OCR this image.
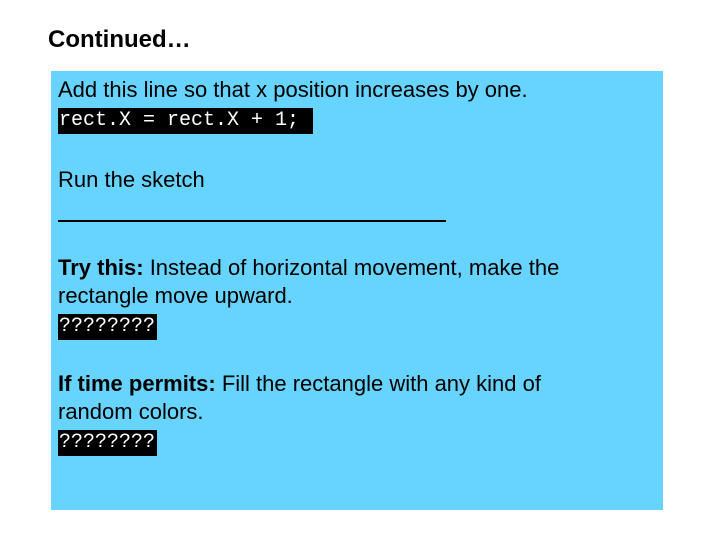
Continued…
Add this line so that x position increases by one.
rect.X = rect.X + 1;
Run the sketch
Try this: Instead of horizontal movement, make the
rectangle move upward.
????????
If time permits: Fill the rectangle with any kind of
random colors.
????????
